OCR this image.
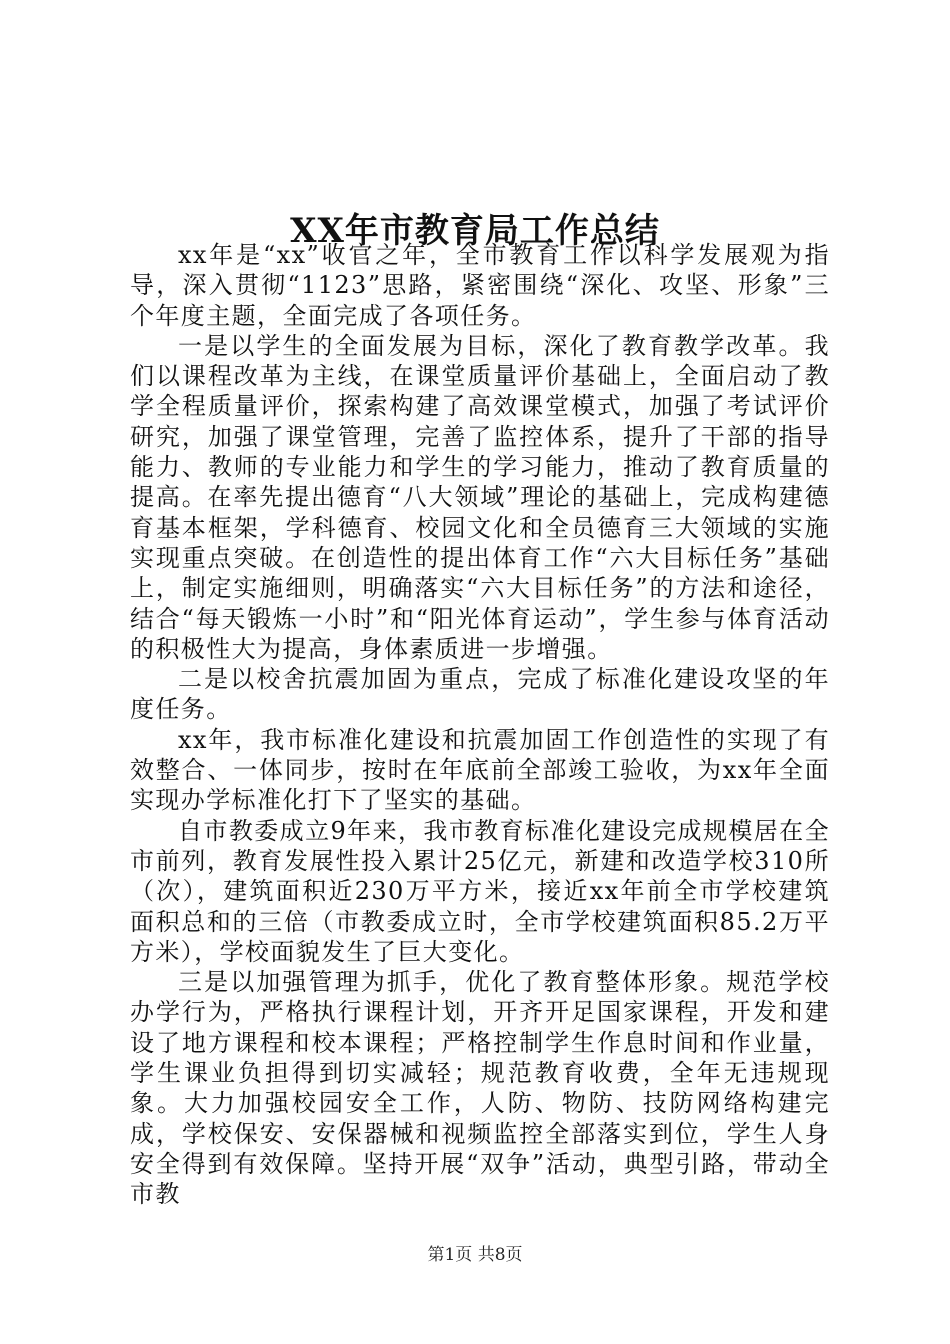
XX年市教育局工作总结

xx年是“xx”收官之年，全市教育工作以科学发展观为指导，深入贯彻“1123”思路，紧密围绕“深化、攻坚、形象”三个年度主题，全面完成了各项任务。

一是以学生的全面发展为目标，深化了教育教学改革。我们以课程改革为主线，在课堂质量评价基础上，全面启动了教学全程质量评价，探索构建了高效课堂模式，加强了考试评价研究，加强了课堂管理，完善了监控体系，提升了干部的指导能力、教师的专业能力和学生的学习能力，推动了教育质量的提高。在率先提出德育“八大领域”理论的基础上，完成构建德育基本框架，学科德育、校园文化和全员德育三大领域的实施实现重点突破。在创造性的提出体育工作“六大目标任务”基础上，制定实施细则，明确落实“六大目标任务”的方法和途径，结合“每天锻炼一小时”和“阳光体育运动”，学生参与体育活动的积极性大为提高，身体素质进一步增强。

二是以校舍抗震加固为重点，完成了标准化建设攻坚的年度任务。

xx年，我市标准化建设和抗震加固工作创造性的实现了有效整合、一体同步，按时在年底前全部竣工验收，为xx年全面实现办学标准化打下了坚实的基础。

自市教委成立9年来，我市教育标准化建设完成规模居在全市前列，教育发展性投入累计25亿元，新建和改造学校310所（次），建筑面积近230万平方米，接近xx年前全市学校建筑面积总和的三倍（市教委成立时，全市学校建筑面积85.2万平方米），学校面貌发生了巨大变化。

三是以加强管理为抓手，优化了教育整体形象。规范学校办学行为，严格执行课程计划，开齐开足国家课程，开发和建设了地方课程和校本课程；严格控制学生作息时间和作业量，学生课业负担得到切实减轻；规范教育收费，全年无违规现象。大力加强校园安全工作，人防、物防、技防网络构建完成，学校保安、安保器械和视频监控全部落实到位，学生人身安全得到有效保障。坚持开展“双争”活动，典型引路，带动全市教

第1页 共8页
